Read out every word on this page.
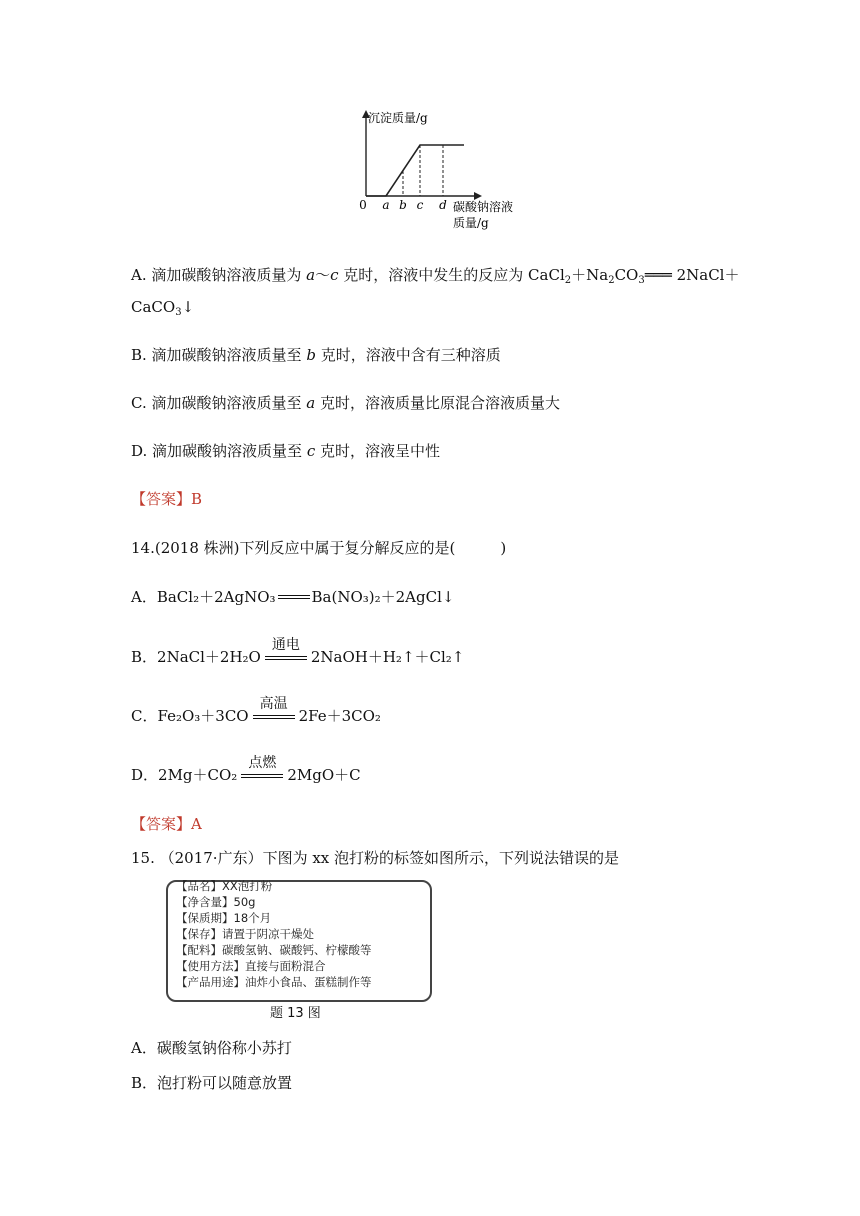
沉淀质量/g
0 a b c d 碳酸钠溶液
质量/g
A. 滴加碳酸钠溶液质量为 a～c 克时，溶液中发生的反应为 $CaCl_2+Na_2CO_3═══$ 2NaCl＋
CaCO$_3$↓
B. 滴加碳酸钠溶液质量至 b 克时，溶液中含有三种溶质
C. 滴加碳酸钠溶液质量至 a 克时，溶液质量比原混合溶液质量大
D. 滴加碳酸钠溶液质量至 c 克时，溶液呈中性
【答案】B
14.(2018 株洲)下列反应中属于复分解反应的是(　　　)
A．BaCl₂＋2AgNO₃ Ba(NO₃)₂＋2AgCl↓
B．2NaCl＋2H₂O
通电
2NaOH＋H₂↑＋Cl₂↑
C．Fe₂O₃＋3CO
高温
2Fe＋3CO₂
D．2Mg＋CO₂
点燃
2MgO＋C
【答案】A
15. （2017·广东）下图为 xx 泡打粉的标签如图所示，下列说法错误的是
【品名】XX泡打粉
【净含量】50g
【保质期】18个月
【保存】请置于阴凉干燥处
【配料】碳酸氢钠、碳酸钙、柠檬酸等
【使用方法】直接与面粉混合
【产品用途】油炸小食品、蛋糕制作等
题 13 图
A．碳酸氢钠俗称小苏打
B．泡打粉可以随意放置
